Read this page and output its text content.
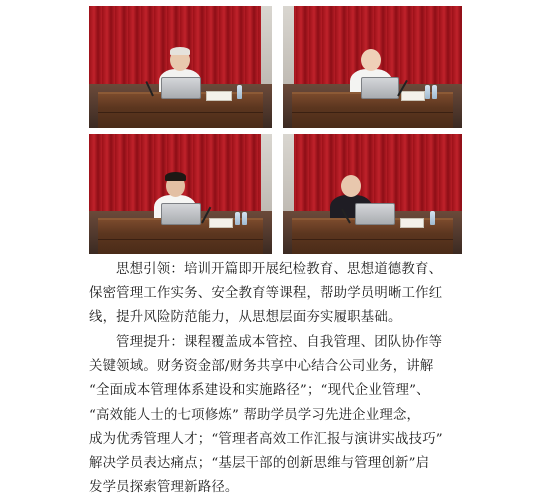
思想引领：培训开篇即开展纪检教育、思想道德教育、
保密管理工作实务、安全教育等课程，帮助学员明晰工作红
线，提升风险防范能力，从思想层面夯实履职基础。
管理提升：课程覆盖成本管控、自我管理、团队协作等
关键领域。财务资金部/财务共享中心结合公司业务，讲解
“全面成本管理体系建设和实施路径”；“现代企业管理”、
“高效能人士的七项修炼” 帮助学员学习先进企业理念，
成为优秀管理人才；“管理者高效工作汇报与演讲实战技巧”
解决学员表达痛点；“基层干部的创新思维与管理创新”启
发学员探索管理新路径。
